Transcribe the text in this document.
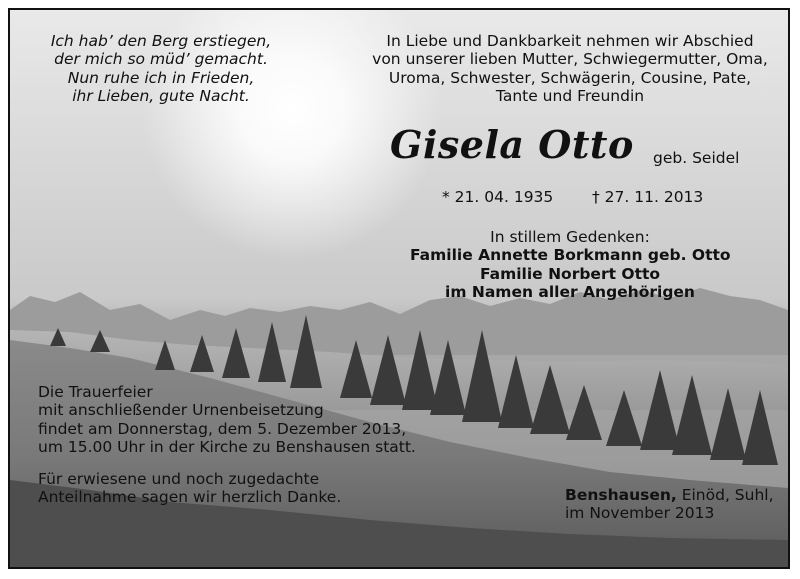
Ich hab’ den Berg erstiegen,
der mich so müd’ gemacht.
Nun ruhe ich in Frieden,
ihr Lieben, gute Nacht.
In Liebe und Dankbarkeit nehmen wir Abschied
von unserer lieben Mutter, Schwiegermutter, Oma,
Uroma, Schwester, Schwägerin, Cousine, Pate,
Tante und Freundin
Gisela Otto geb. Seidel
* 21. 04. 1935 † 27. 11. 2013
In stillem Gedenken:
Familie Annette Borkmann geb. Otto
Familie Norbert Otto
im Namen aller Angehörigen
Die Trauerfeier
mit anschließender Urnenbeisetzung
findet am Donnerstag, dem 5. Dezember 2013,
um 15.00 Uhr in der Kirche zu Benshausen statt.
Für erwiesene und noch zugedachte
Anteilnahme sagen wir herzlich Danke.	Benshausen, Einöd, Suhl,
im November 2013
